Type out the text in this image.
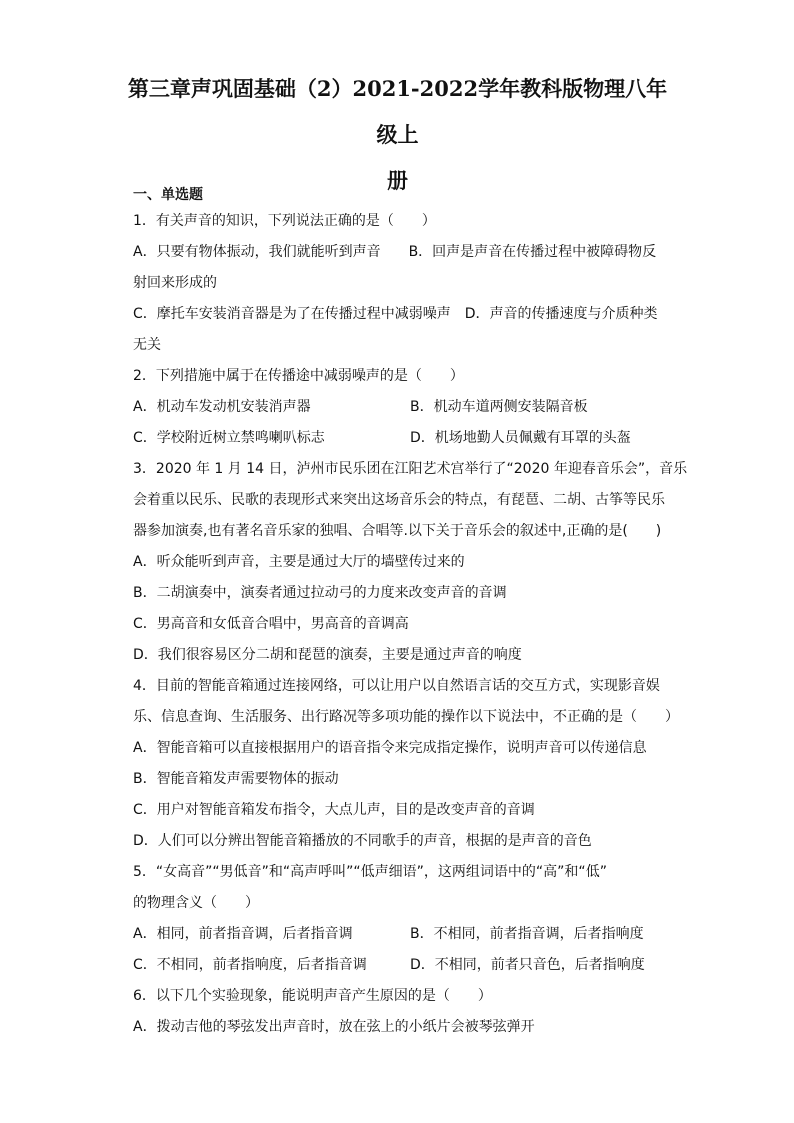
第三章声巩固基础（2）2021-2022学年教科版物理八年级上
册
一、单选题
1．有关声音的知识，下列说法正确的是（　　）
A．只要有物体振动，我们就能听到声音　　B．回声是声音在传播过程中被障碍物反
射回来形成的
C．摩托车安装消音器是为了在传播过程中减弱噪声　D．声音的传播速度与介质种类
无关
2．下列措施中属于在传播途中减弱噪声的是（　　）
A．机动车发动机安装消声器	B．机动车道两侧安装隔音板
C．学校附近树立禁鸣喇叭标志	D．机场地勤人员佩戴有耳罩的头盔
3．2020 年 1 月 14 日，泸州市民乐团在江阳艺术宫举行了“2020 年迎春音乐会”，音乐
会着重以民乐、民歌的表现形式来突出这场音乐会的特点，有琵琶、二胡、古筝等民乐
器参加演奏,也有著名音乐家的独唱、合唱等.以下关于音乐会的叙述中,正确的是(　　)
A．听众能听到声音，主要是通过大厅的墙壁传过来的
B．二胡演奏中，演奏者通过拉动弓的力度来改变声音的音调
C．男高音和女低音合唱中，男高音的音调高
D．我们很容易区分二胡和琵琶的演奏，主要是通过声音的响度
4．目前的智能音箱通过连接网络，可以让用户以自然语言话的交互方式，实现影音娱
乐、信息查询、生活服务、出行路况等多项功能的操作以下说法中，不正确的是（　　）
A．智能音箱可以直接根据用户的语音指令来完成指定操作，说明声音可以传递信息
B．智能音箱发声需要物体的振动
C．用户对智能音箱发布指令，大点儿声，目的是改变声音的音调
D．人们可以分辨出智能音箱播放的不同歌手的声音，根据的是声音的音色
5．“女高音”“男低音”和“高声呼叫”“低声细语”，这两组词语中的“高”和“低”
的物理含义（　　）
A．相同，前者指音调，后者指音调	B．不相同，前者指音调，后者指响度
C．不相同，前者指响度，后者指音调	D．不相同，前者只音色，后者指响度
6．以下几个实验现象，能说明声音产生原因的是（　　）
A．拨动吉他的琴弦发出声音时，放在弦上的小纸片会被琴弦弹开
